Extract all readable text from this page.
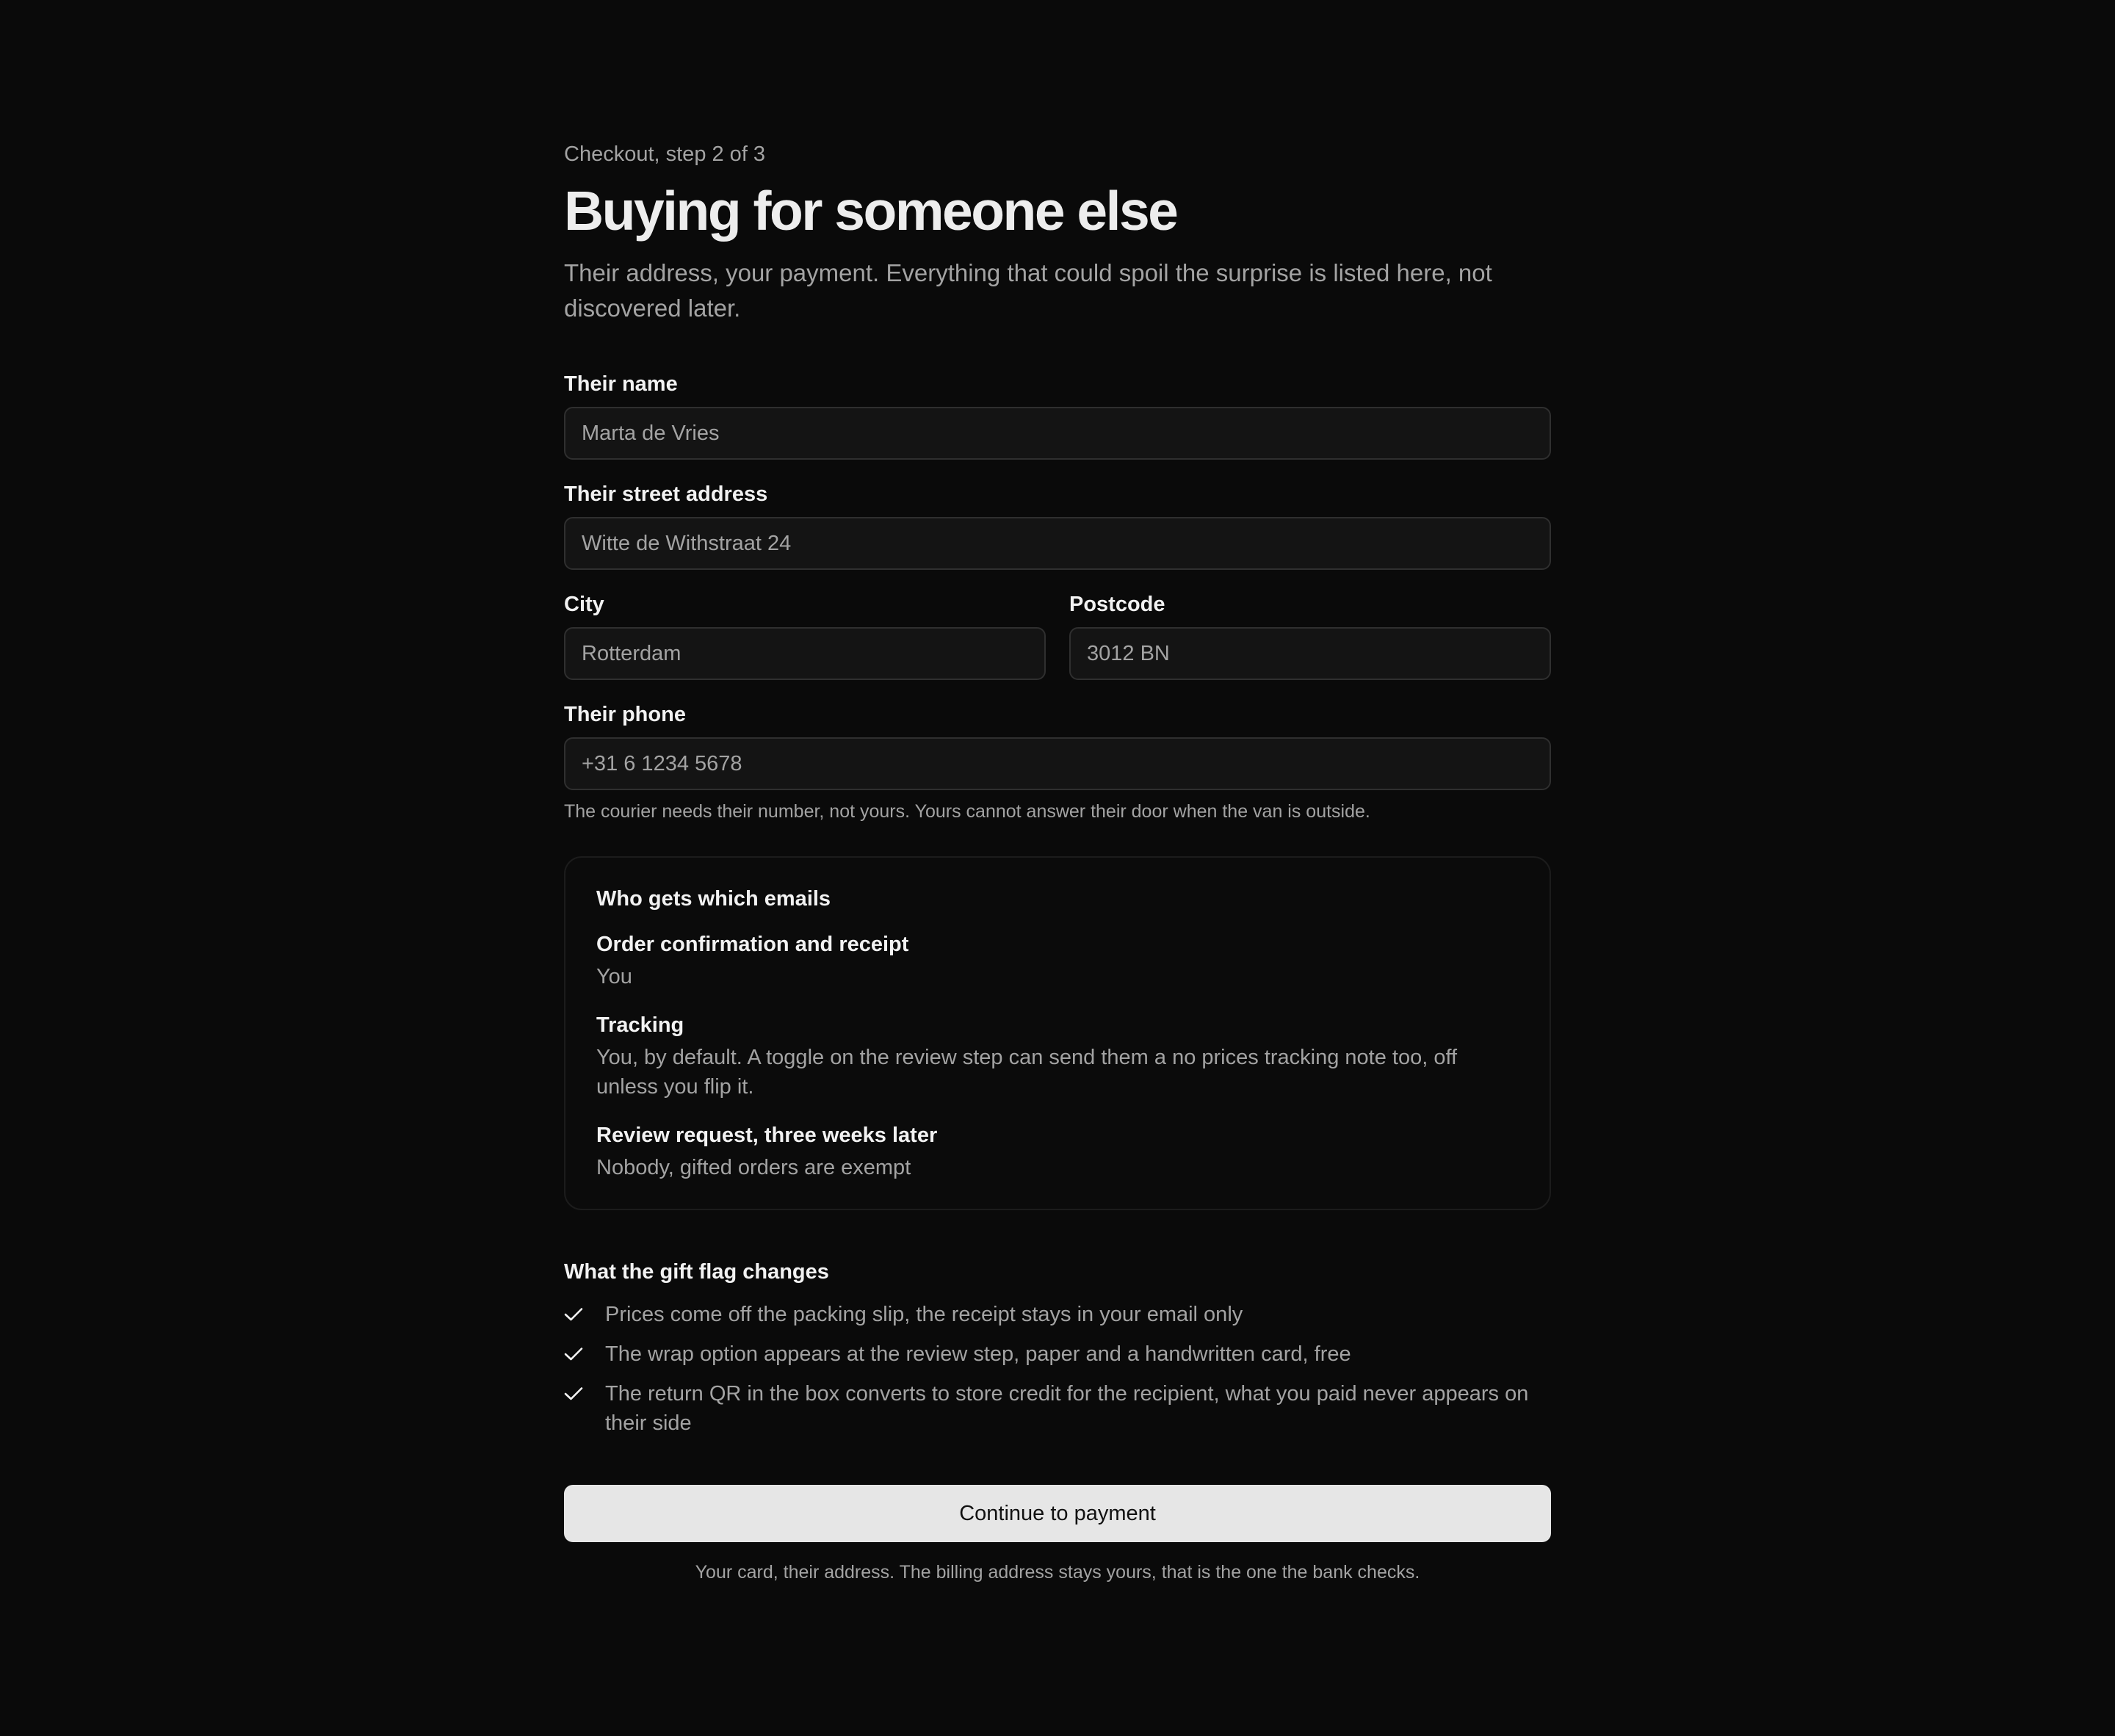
Checkout, step 2 of 3

Buying for someone else

Their address, your payment. Everything that could spoil the surprise is listed here, not discovered later.

Their name
Marta de Vries
Their street address
Witte de Withstraat 24
City
Rotterdam	Postcode
3012 BN
Their phone
+31 6 1234 5678

The courier needs their number, not yours. Yours cannot answer their door when the van is outside.

Who gets which emails
Order confirmation and receipt
You
Tracking
You, by default. A toggle on the review step can send them a no prices tracking note too, off unless you flip it.
Review request, three weeks later
Nobody, gifted orders are exempt
What the gift flag changes
Prices come off the packing slip, the receipt stays in your email only
The wrap option appears at the review step, paper and a handwritten card, free
The return QR in the box converts to store credit for the recipient, what you paid never appears on their side
Continue to payment

Your card, their address. The billing address stays yours, that is the one the bank checks.
